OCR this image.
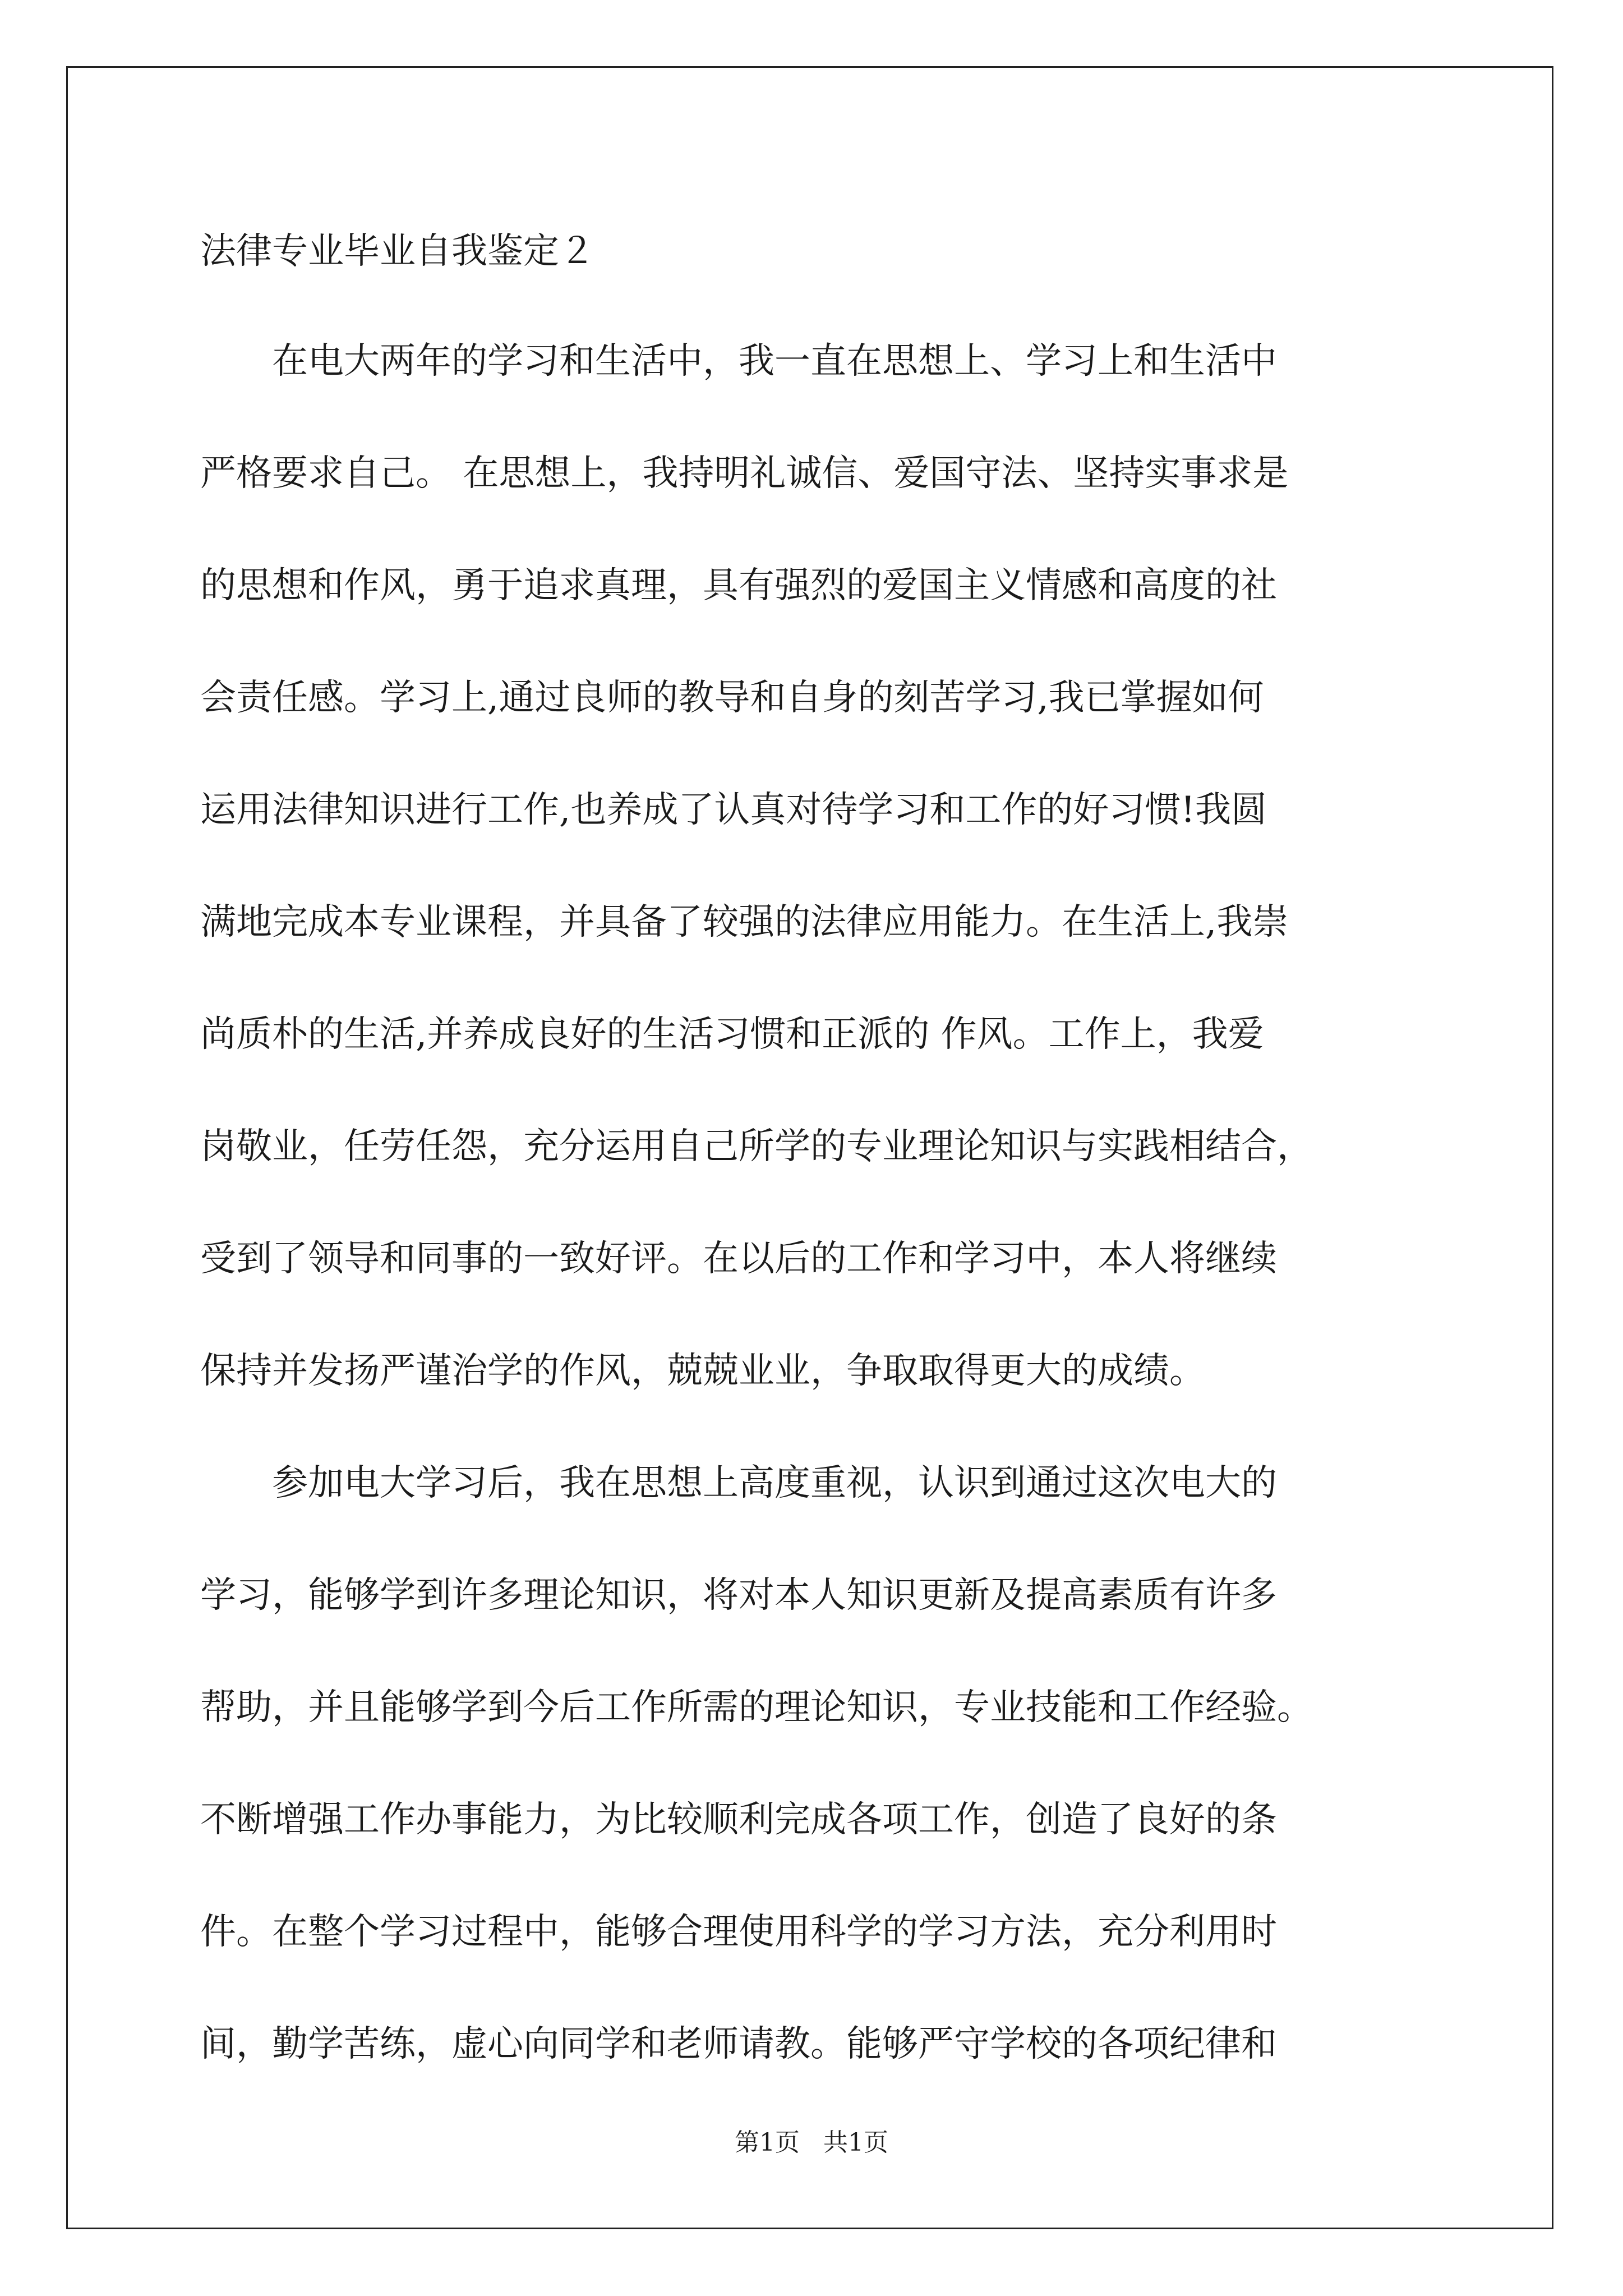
法律专业毕业自我鉴定２

　　在电大两年的学习和生活中，我一直在思想上、学习上和生活中

严格要求自己。 在思想上，我持明礼诚信、爱国守法、坚持实事求是

的思想和作风，勇于追求真理，具有强烈的爱国主义情感和高度的社

会责任感。学习上,通过良师的教导和自身的刻苦学习,我已掌握如何

运用法律知识进行工作,也养成了认真对待学习和工作的好习惯!我圆

满地完成本专业课程，并具备了较强的法律应用能力。在生活上,我崇

尚质朴的生活,并养成良好的生活习惯和正派的 作风。工作上，我爱

岗敬业，任劳任怨，充分运用自己所学的专业理论知识与实践相结合，

受到了领导和同事的一致好评。在以后的工作和学习中，本人将继续

保持并发扬严谨治学的作风，兢兢业业，争取取得更大的成绩。

　　参加电大学习后，我在思想上高度重视，认识到通过这次电大的

学习，能够学到许多理论知识，将对本人知识更新及提高素质有许多

帮助，并且能够学到今后工作所需的理论知识，专业技能和工作经验。

不断增强工作办事能力，为比较顺利完成各项工作，创造了良好的条

件。在整个学习过程中，能够合理使用科学的学习方法，充分利用时

间，勤学苦练，虚心向同学和老师请教。能够严守学校的各项纪律和

第1页 共1页
